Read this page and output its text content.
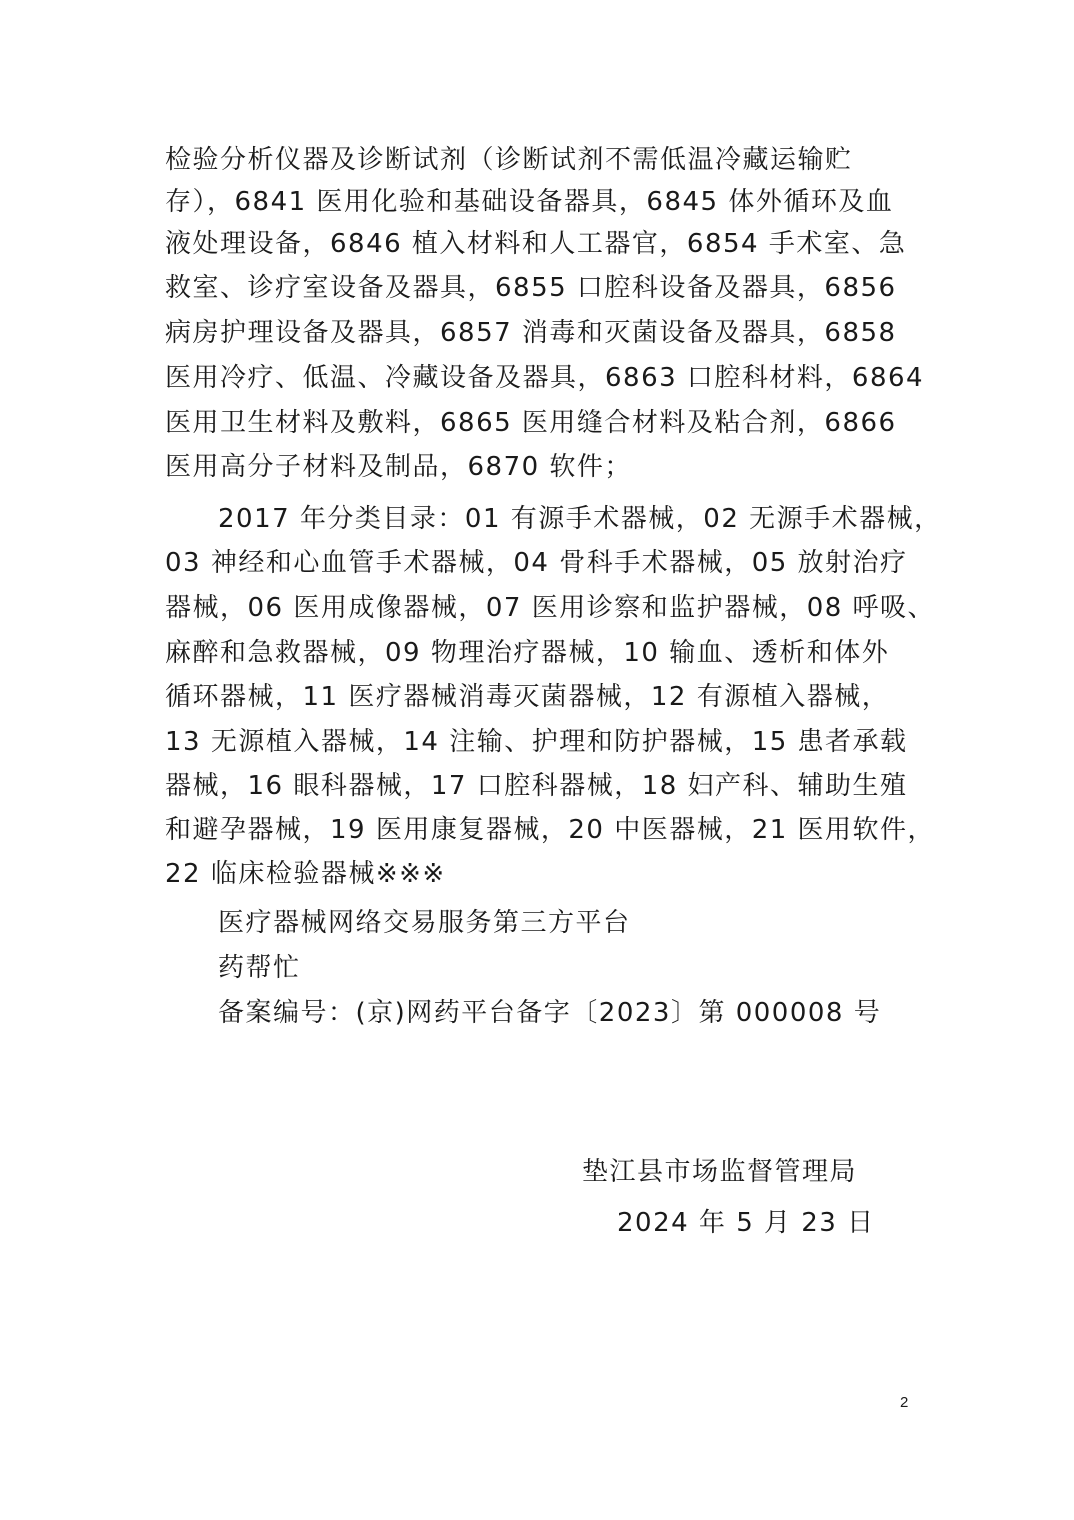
检验分析仪器及诊断试剂（诊断试剂不需低温冷藏运输贮
存），6841 医用化验和基础设备器具，6845 体外循环及血
液处理设备，6846 植入材料和人工器官，6854 手术室、急
救室、诊疗室设备及器具，6855 口腔科设备及器具，6856
病房护理设备及器具，6857 消毒和灭菌设备及器具，6858
医用冷疗、低温、冷藏设备及器具，6863 口腔科材料，6864
医用卫生材料及敷料，6865 医用缝合材料及粘合剂，6866
医用高分子材料及制品，6870 软件；
2017 年分类目录：01 有源手术器械，02 无源手术器械，
03 神经和心血管手术器械，04 骨科手术器械，05 放射治疗
器械，06 医用成像器械，07 医用诊察和监护器械，08 呼吸、
麻醉和急救器械，09 物理治疗器械，10 输血、透析和体外
循环器械，11 医疗器械消毒灭菌器械，12 有源植入器械，
13 无源植入器械，14 注输、护理和防护器械，15 患者承载
器械，16 眼科器械，17 口腔科器械，18 妇产科、辅助生殖
和避孕器械，19 医用康复器械，20 中医器械，21 医用软件，
22 临床检验器械※※※
医疗器械网络交易服务第三方平台
药帮忙
备案编号：(京)网药平台备字〔2023〕第 000008 号
垫江县市场监督管理局
2024 年 5 月 23 日
2
